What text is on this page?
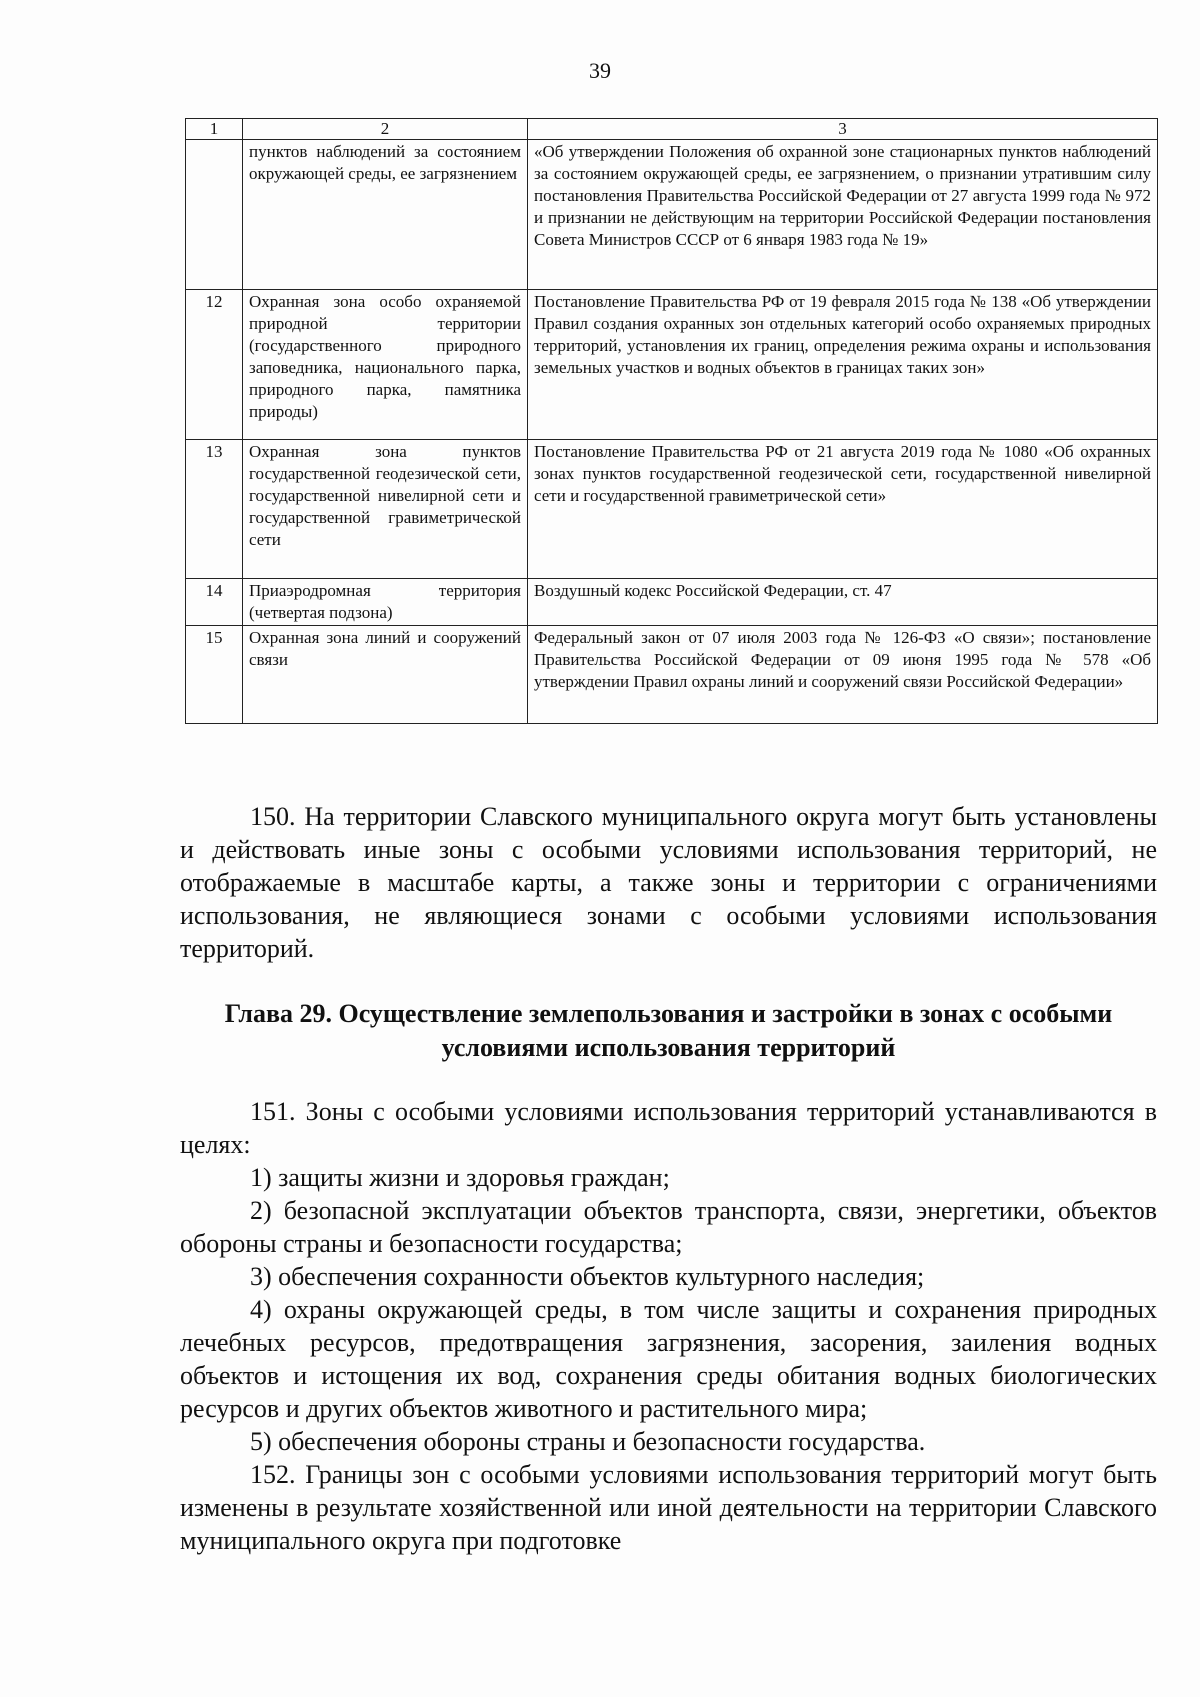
39
1	2	3
	пунктов наблюдений за состоянием окружающей среды, ее загрязнением	«Об утверждении Положения об охранной зоне стационарных пунктов наблюдений за состоянием окружающей среды, ее загрязнением, о признании утратившим силу постановления Правительства Российской Федерации от 27 августа 1999 года № 972 и признании не действующим на территории Российской Федерации постановления Совета Министров СССР от 6 января 1983 года № 19»
12	Охранная зона особо охраняемой природной территории (государственного природного заповедника, национального парка, природного парка, памятника природы)	Постановление Правительства РФ от 19 февраля 2015 года № 138 «Об утверждении Правил создания охранных зон отдельных категорий особо охраняемых природных территорий, установления их границ, определения режима охраны и использования земельных участков и водных объектов в границах таких зон»
13	Охранная зона пунктов государственной геодезической сети, государственной нивелирной сети и государственной гравиметрической сети	Постановление Правительства РФ от 21 августа 2019 года № 1080 «Об охранных зонах пунктов государственной геодезической сети, государственной нивелирной сети и государственной гравиметрической сети»
14	Приаэродромная территория (четвертая подзона)	Воздушный кодекс Российской Федерации, ст. 47
15	Охранная зона линий и сооружений связи	Федеральный закон от 07 июля 2003 года № 126-ФЗ «О связи»; постановление Правительства Российской Федерации от 09 июня 1995 года № 578 «Об утверждении Правил охраны линий и сооружений связи Российской Федерации»

150. На территории Славского муниципального округа могут быть установлены и действовать иные зоны с особыми условиями использования территорий, не отображаемые в масштабе карты, а также зоны и территории с ограничениями использования, не являющиеся зонами с особыми условиями использования территорий.

Глава 29. Осуществление землепользования и застройки в зонах с особыми
условиями использования территорий

151. Зоны с особыми условиями использования территорий устанавливаются в целях:

1) защиты жизни и здоровья граждан;

2) безопасной эксплуатации объектов транспорта, связи, энергетики, объектов обороны страны и безопасности государства;

3) обеспечения сохранности объектов культурного наследия;

4) охраны окружающей среды, в том числе защиты и сохранения природных лечебных ресурсов, предотвращения загрязнения, засорения, заиления водных объектов и истощения их вод, сохранения среды обитания водных биологических ресурсов и других объектов животного и растительного мира;

5) обеспечения обороны страны и безопасности государства.

152. Границы зон с особыми условиями использования территорий могут быть изменены в результате хозяйственной или иной деятельности на территории Славского муниципального округа при подготовке
